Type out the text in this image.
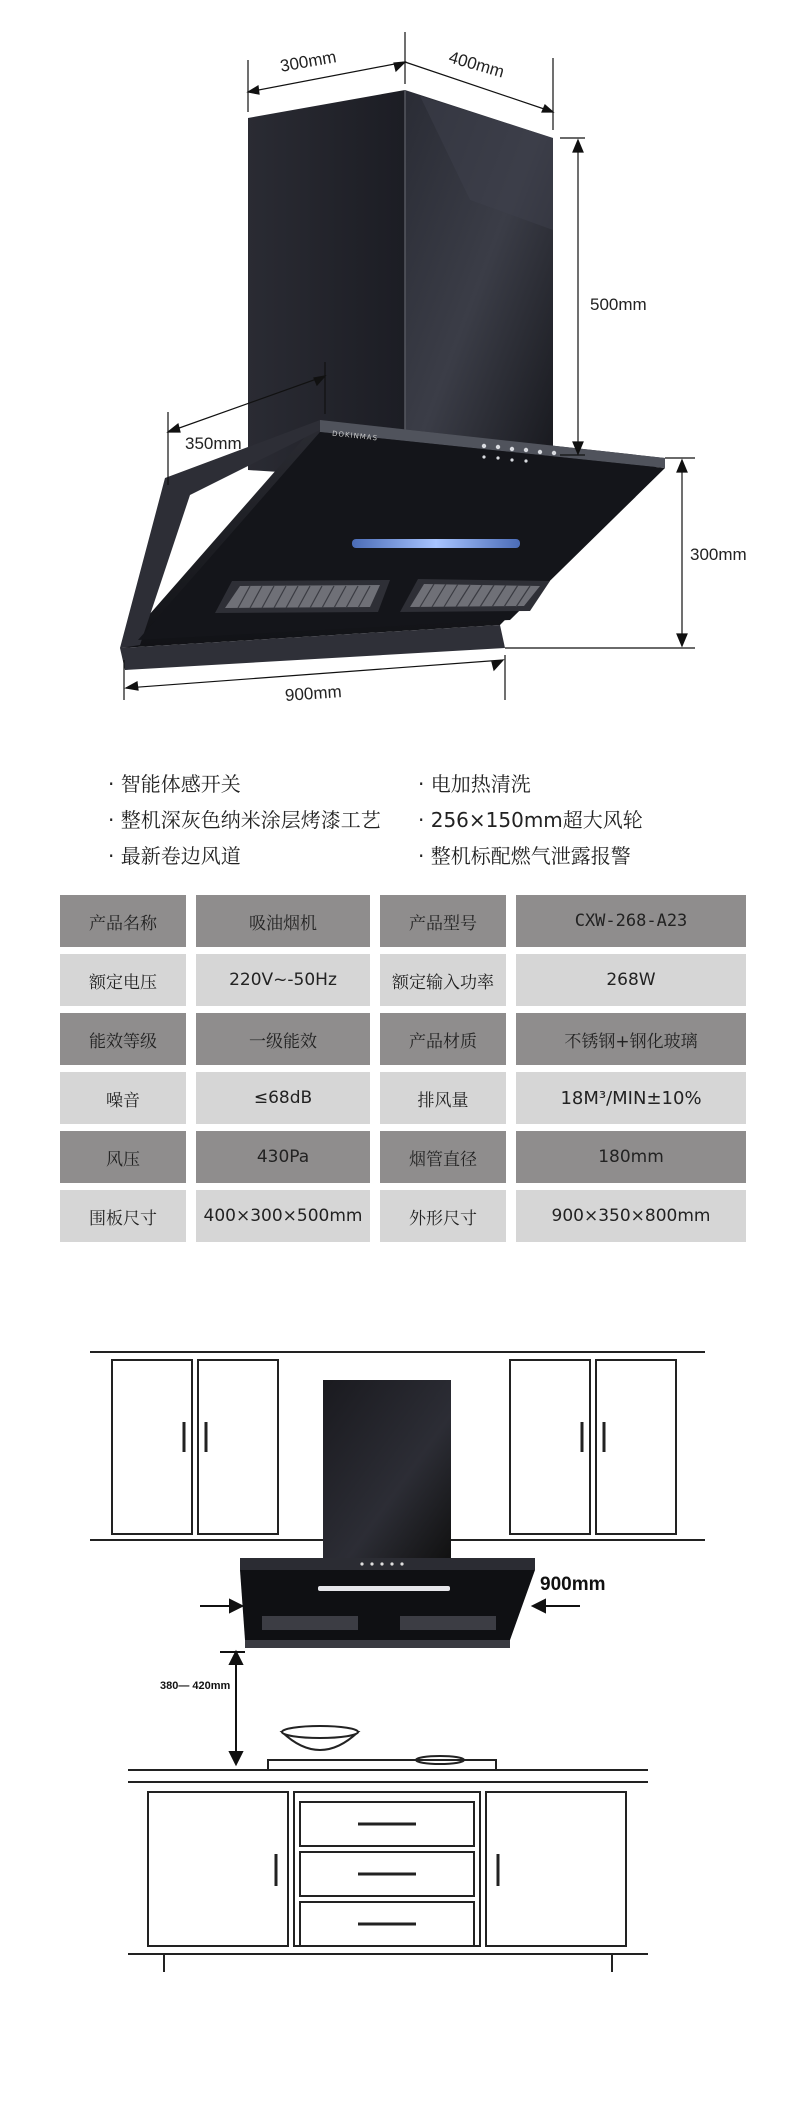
300mm	400mm
500mm
350mm
300mm
900mm
DOKINMAS
· 智能体感开关	· 电加热清洗
· 整机深灰色纳米涂层烤漆工艺 · 256×150mm超大风轮
· 最新卷边风道	· 整机标配燃气泄露报警
产品名称	吸油烟机	产品型号	CXW-268-A23
额定电压	220V~-50Hz	额定输入功率	268W
能效等级	一级能效	产品材质	不锈钢+钢化玻璃
噪音	≤68dB	排风量	18M³/MIN±10%
风压	430Pa	烟管直径	180mm
围板尺寸	400×300×500mm	外形尺寸	900×350×800mm
900mm
380— 420mm
